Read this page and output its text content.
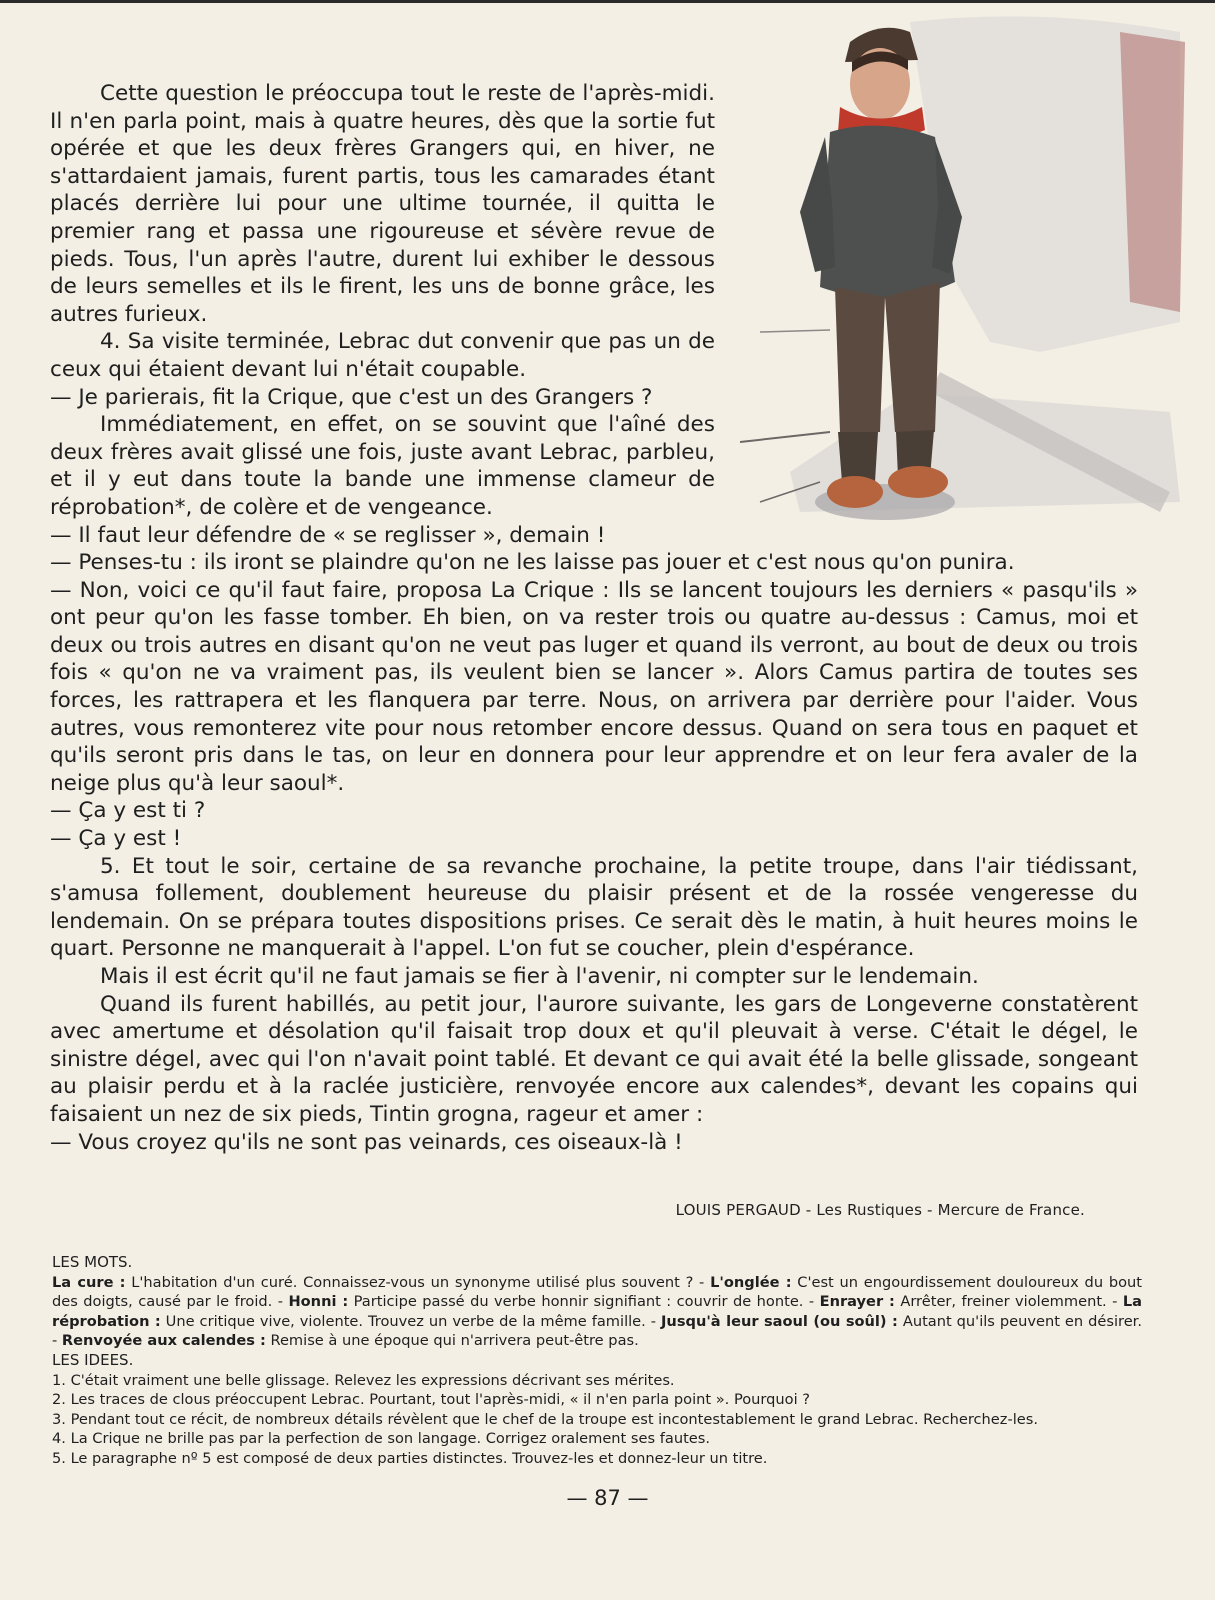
Cette question le préoccupa tout le reste de l'après-midi. Il n'en parla point, mais à quatre heures, dès que la sortie fut opérée et que les deux frères Grangers qui, en hiver, ne s'attardaient jamais, furent partis, tous les camarades étant placés derrière lui pour une ultime tournée, il quitta le premier rang et passa une rigoureuse et sévère revue de pieds. Tous, l'un après l'autre, durent lui exhiber le dessous de leurs semelles et ils le firent, les uns de bonne grâce, les autres furieux.

4. Sa visite terminée, Lebrac dut convenir que pas un de ceux qui étaient devant lui n'était coupable.

— Je parierais, fit la Crique, que c'est un des Grangers ?

Immédiatement, en effet, on se souvint que l'aîné des deux frères avait glissé une fois, juste avant Lebrac, parbleu, et il y eut dans toute la bande une immense clameur de réprobation*, de colère et de vengeance.

— Il faut leur défendre de « se reglisser », demain !

— Penses-tu : ils iront se plaindre qu'on ne les laisse pas jouer et c'est nous qu'on punira.

— Non, voici ce qu'il faut faire, proposa La Crique : Ils se lancent toujours les derniers « pasqu'ils » ont peur qu'on les fasse tomber. Eh bien, on va rester trois ou quatre au-dessus : Camus, moi et deux ou trois autres en disant qu'on ne veut pas luger et quand ils verront, au bout de deux ou trois fois « qu'on ne va vraiment pas, ils veulent bien se lancer ». Alors Camus partira de toutes ses forces, les rattrapera et les flanquera par terre. Nous, on arrivera par derrière pour l'aider. Vous autres, vous remonterez vite pour nous retomber encore dessus. Quand on sera tous en paquet et qu'ils seront pris dans le tas, on leur en donnera pour leur apprendre et on leur fera avaler de la neige plus qu'à leur saoul*.

— Ça y est ti ?

— Ça y est !

5. Et tout le soir, certaine de sa revanche prochaine, la petite troupe, dans l'air tiédissant, s'amusa follement, doublement heureuse du plaisir présent et de la rossée vengeresse du lendemain. On se prépara toutes dispositions prises. Ce serait dès le matin, à huit heures moins le quart. Personne ne manquerait à l'appel. L'on fut se coucher, plein d'espérance.

Mais il est écrit qu'il ne faut jamais se fier à l'avenir, ni compter sur le lendemain.

Quand ils furent habillés, au petit jour, l'aurore suivante, les gars de Longeverne constatèrent avec amertume et désolation qu'il faisait trop doux et qu'il pleuvait à verse. C'était le dégel, le sinistre dégel, avec qui l'on n'avait point tablé. Et devant ce qui avait été la belle glissade, songeant au plaisir perdu et à la raclée justicière, renvoyée encore aux calendes*, devant les copains qui faisaient un nez de six pieds, Tintin grogna, rageur et amer :

— Vous croyez qu'ils ne sont pas veinards, ces oiseaux-là !

LOUIS PERGAUD - Les Rustiques - Mercure de France.

LES MOTS.

La cure : L'habitation d'un curé. Connaissez-vous un synonyme utilisé plus souvent ? - L'onglée : C'est un engourdissement douloureux du bout des doigts, causé par le froid. - Honni : Participe passé du verbe honnir signifiant : couvrir de honte. - Enrayer : Arrêter, freiner violemment. - La réprobation : Une critique vive, violente. Trouvez un verbe de la même famille. - Jusqu'à leur saoul (ou soûl) : Autant qu'ils peuvent en désirer. - Renvoyée aux calendes : Remise à une époque qui n'arrivera peut-être pas.

LES IDEES.

1. C'était vraiment une belle glissage. Relevez les expressions décrivant ses mérites.

2. Les traces de clous préoccupent Lebrac. Pourtant, tout l'après-midi, « il n'en parla point ». Pourquoi ?

3. Pendant tout ce récit, de nombreux détails révèlent que le chef de la troupe est incontestablement le grand Lebrac. Recherchez-les.

4. La Crique ne brille pas par la perfection de son langage. Corrigez oralement ses fautes.

5. Le paragraphe nº 5 est composé de deux parties distinctes. Trouvez-les et donnez-leur un titre.

— 87 —
